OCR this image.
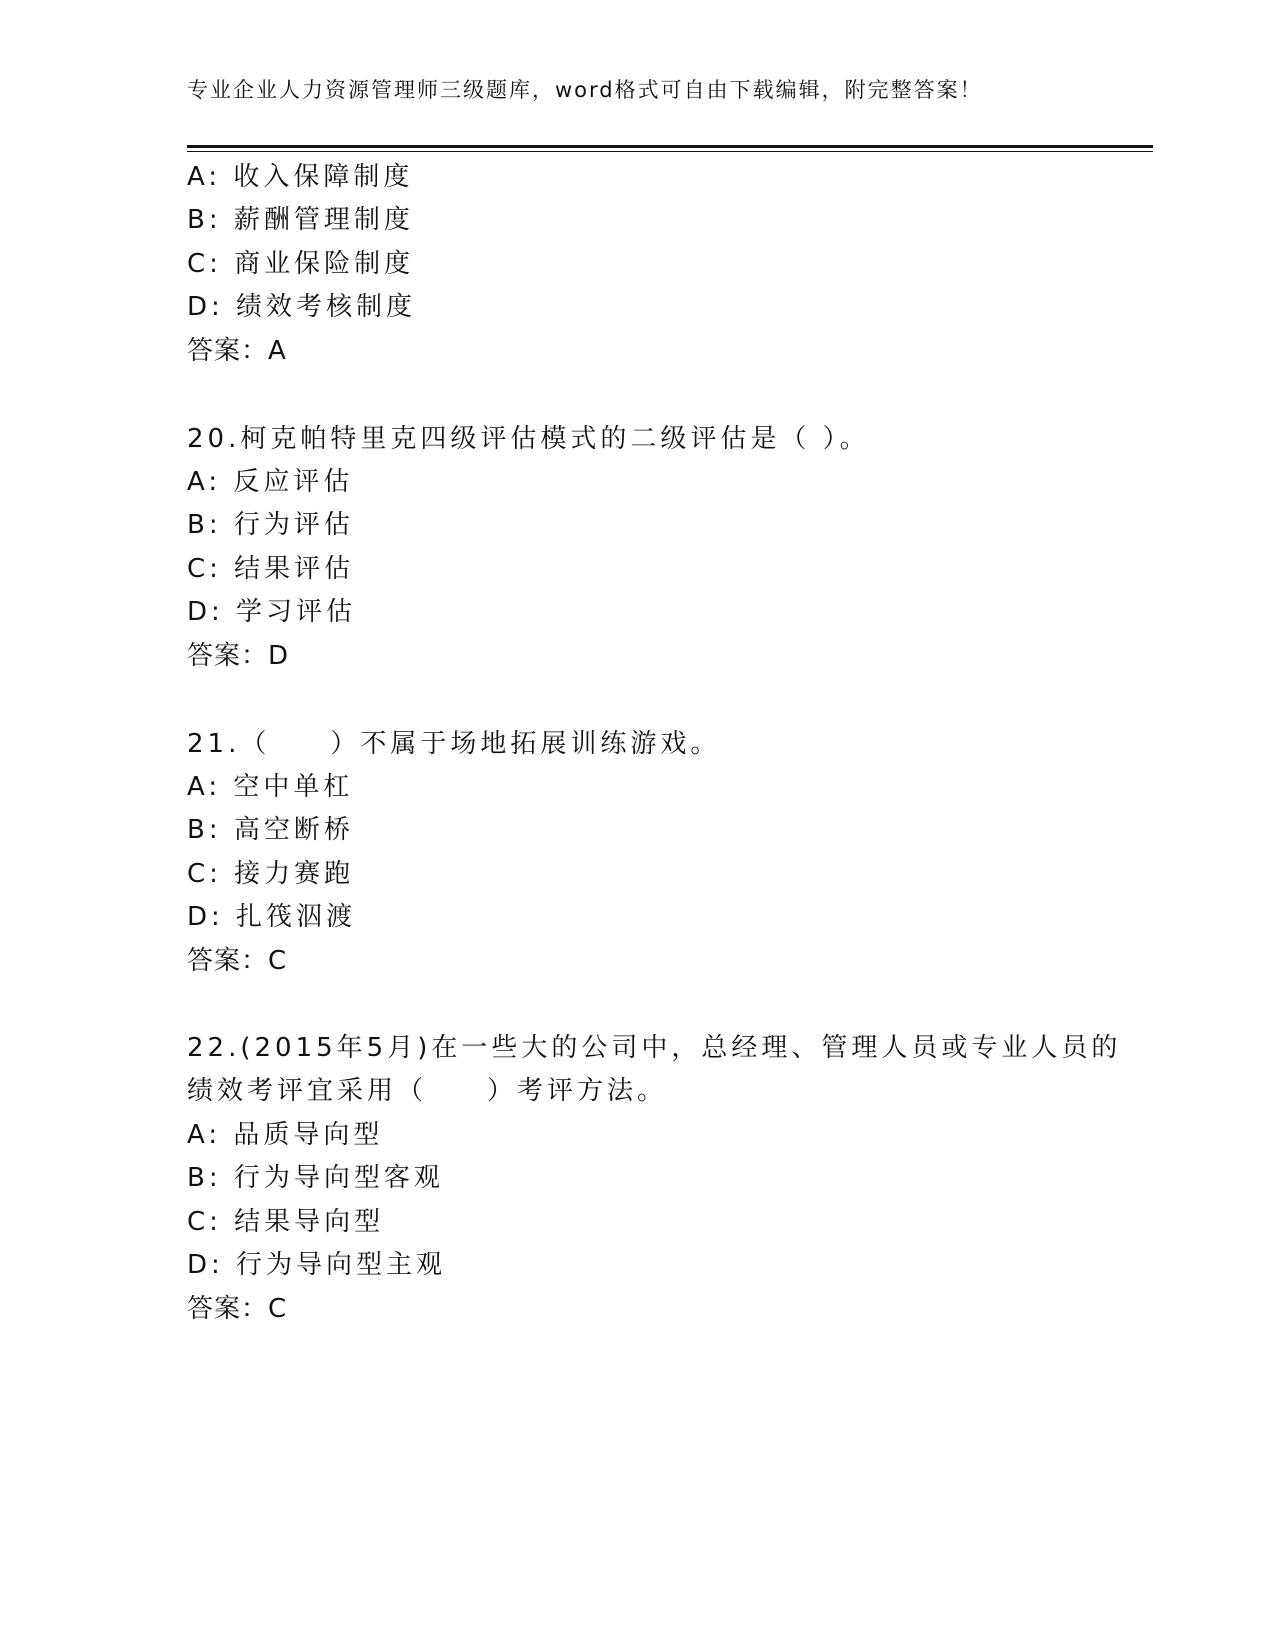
专业企业人力资源管理师三级题库，word格式可自由下载编辑，附完整答案！
A: 收入保障制度
B: 薪酬管理制度
C: 商业保险制度
D: 绩效考核制度
答案：A
20.柯克帕特里克四级评估模式的二级评估是（ ）。
A: 反应评估
B: 行为评估
C: 结果评估
D: 学习评估
答案：D
21.（　　）不属于场地拓展训练游戏。
A: 空中单杠
B: 高空断桥
C: 接力赛跑
D: 扎筏泅渡
答案：C
22.(2015年5月)在一些大的公司中，总经理、管理人员或专业人员的
绩效考评宜采用（　　）考评方法。
A: 品质导向型
B: 行为导向型客观
C: 结果导向型
D: 行为导向型主观
答案：C
